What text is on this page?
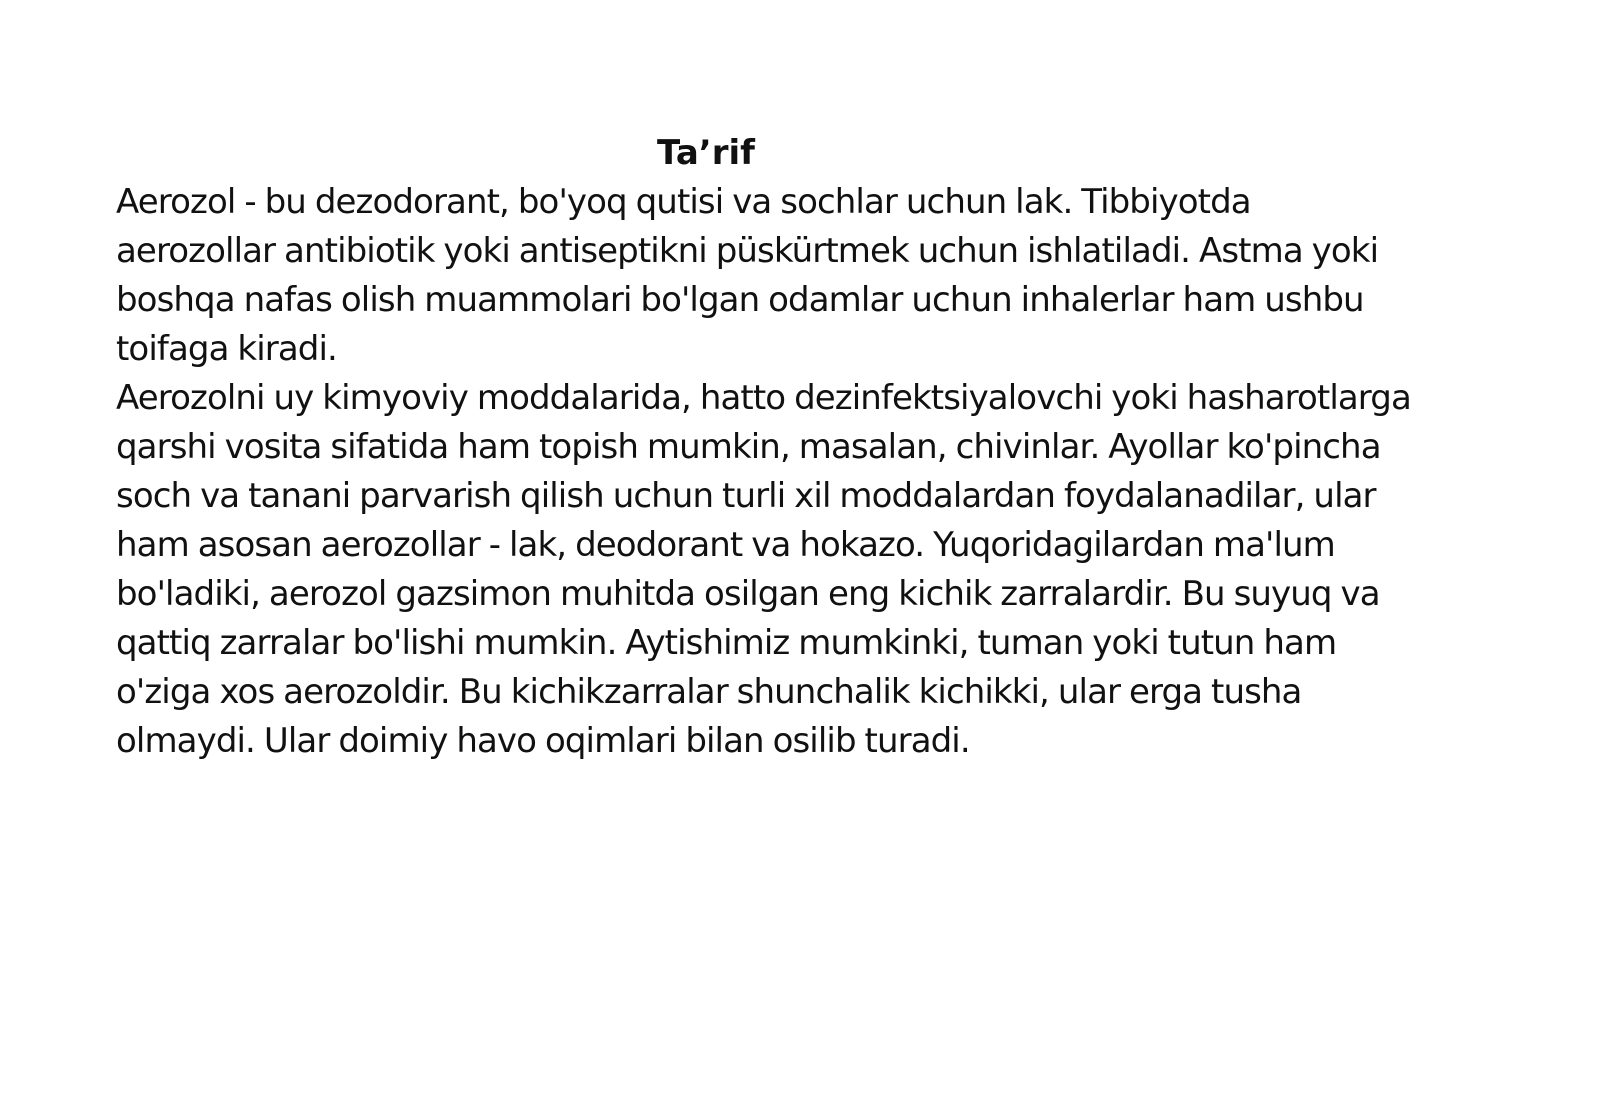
Ta’rif

Aerozol - bu dezodorant, bo'yoq qutisi va sochlar uchun lak. Tibbiyotda aerozollar antibiotik yoki antiseptikni püskürtmek uchun ishlatiladi. Astma yoki boshqa nafas olish muammolari bo'lgan odamlar uchun inhalerlar ham ushbu toifaga kiradi.

Aerozolni uy kimyoviy moddalarida, hatto dezinfektsiyalovchi yoki hasharotlarga qarshi vosita sifatida ham topish mumkin, masalan, chivinlar. Ayollar ko'pincha soch va tanani parvarish qilish uchun turli xil moddalardan foydalanadilar, ular ham asosan aerozollar - lak, deodorant va hokazo. Yuqoridagilardan ma'lum bo'ladiki, aerozol gazsimon muhitda osilgan eng kichik zarralardir. Bu suyuq va qattiq zarralar bo'lishi mumkin. Aytishimiz mumkinki, tuman yoki tutun ham o'ziga xos aerozoldir. Bu kichikzarralar shunchalik kichikki, ular erga tusha olmaydi. Ular doimiy havo oqimlari bilan osilib turadi.
